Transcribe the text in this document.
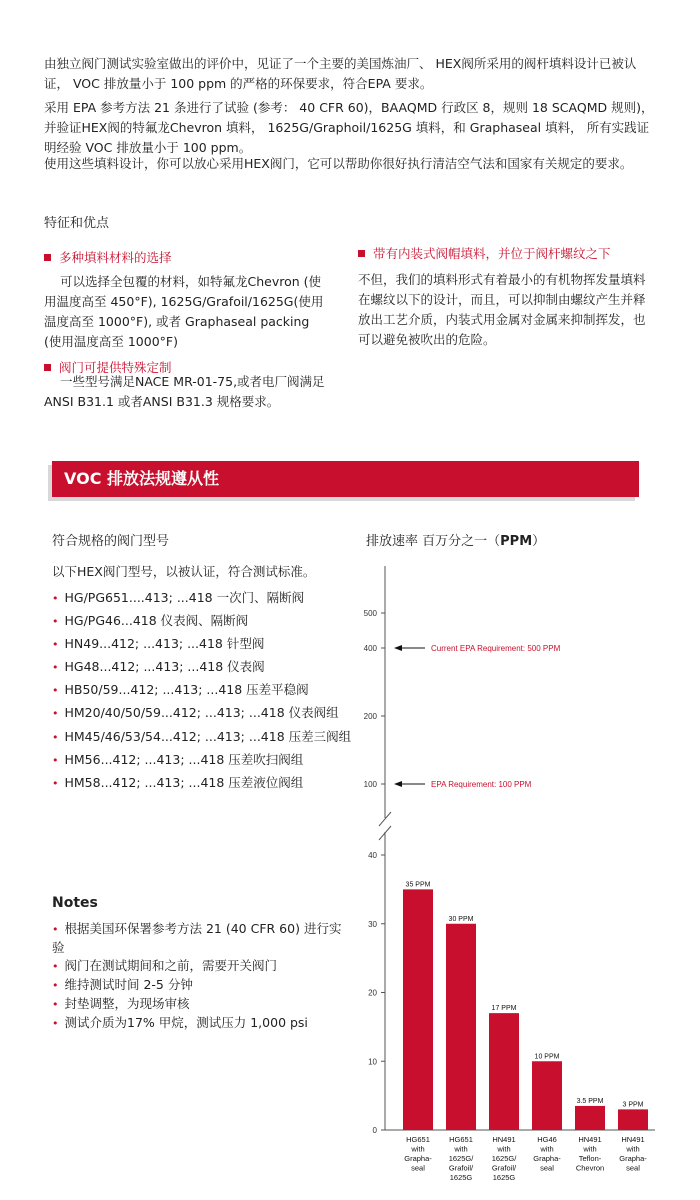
由独立阀门测试实验室做出的评价中，见证了一个主要的美国炼油厂、 HEX阀所采用的阀杆填料设计已被认证， VOC 排放量小于 100 ppm 的严格的环保要求，符合EPA 要求。

采用 EPA 参考方法 21 条进行了试验 (参考： 40 CFR 60)，BAAQMD 行政区 8，规则 18 SCAQMD 规则)，并验证HEX阀的特氟龙Chevron 填料， 1625G/Graphoil/1625G 填料，和 Graphaseal 填料， 所有实践证明经验 VOC 排放量小于 100 ppm。

使用这些填料设计，你可以放心采用HEX阀门，它可以帮助你很好执行清洁空气法和国家有关规定的要求。

特征和优点
多种填料材料的选择
可以选择全包覆的材料，如特氟龙Chevron (使用温度高至 450°F), 1625G/Grafoil/1625G(使用温度高至 1000°F), 或者 Graphaseal packing (使用温度高至 1000°F)
阀门可提供特殊定制
一些型号满足NACE MR-01-75,或者电厂阀满足ANSI B31.1 或者ANSI B31.3 规格要求。
带有内装式阀帽填料，并位于阀杆螺纹之下
不但，我们的填料形式有着最小的有机物挥发量填料在螺纹以下的设计，而且，可以抑制由螺纹产生并释放出工艺介质，内装式用金属对金属来抑制挥发，也可以避免被吹出的危险。
VOC 排放法规遵从性
符合规格的阀门型号
以下HEX阀门型号，以被认证，符合测试标准。
• HG/PG651....413; ...418 一次门、隔断阀
• HG/PG46...418 仪表阀、隔断阀
• HN49...412; ...413; ...418 针型阀
• HG48...412; ...413; ...418 仪表阀
• HB50/59...412; ...413; ...418 压差平稳阀
• HM20/40/50/59...412; ...413; ...418 仪表阀组
• HM45/46/53/54...412; ...413; ...418 压差三阀组
• HM56...412; ...413; ...418 压差吹扫阀组
• HM58...412; ...413; ...418 压差液位阀组
Notes
• 根据美国环保署参考方法 21 (40 CFR 60) 进行实验
• 阀门在测试期间和之前，需要开关阀门
• 维持测试时间 2-5 分钟
• 封垫调整，为现场审核
• 测试介质为17% 甲烷，测试压力 1,000 psi
排放速率 百万分之一（PPM）
100
200
400
500
Current EPA Requirement: 500 PPM
EPA Requirement: 100 PPM
0
10
20
30
40
35 PPM
HG651
with
Grapha-
seal
30 PPM
HG651
with
1625G/
Grafoil/
1625G
17 PPM
HN491
with
1625G/
Grafoil/
1625G
10 PPM
HG46
with
Grapha-
seal
3.5 PPM
HN491
with
Teflon-
Chevron
3 PPM
HN491
with
Grapha-
seal
